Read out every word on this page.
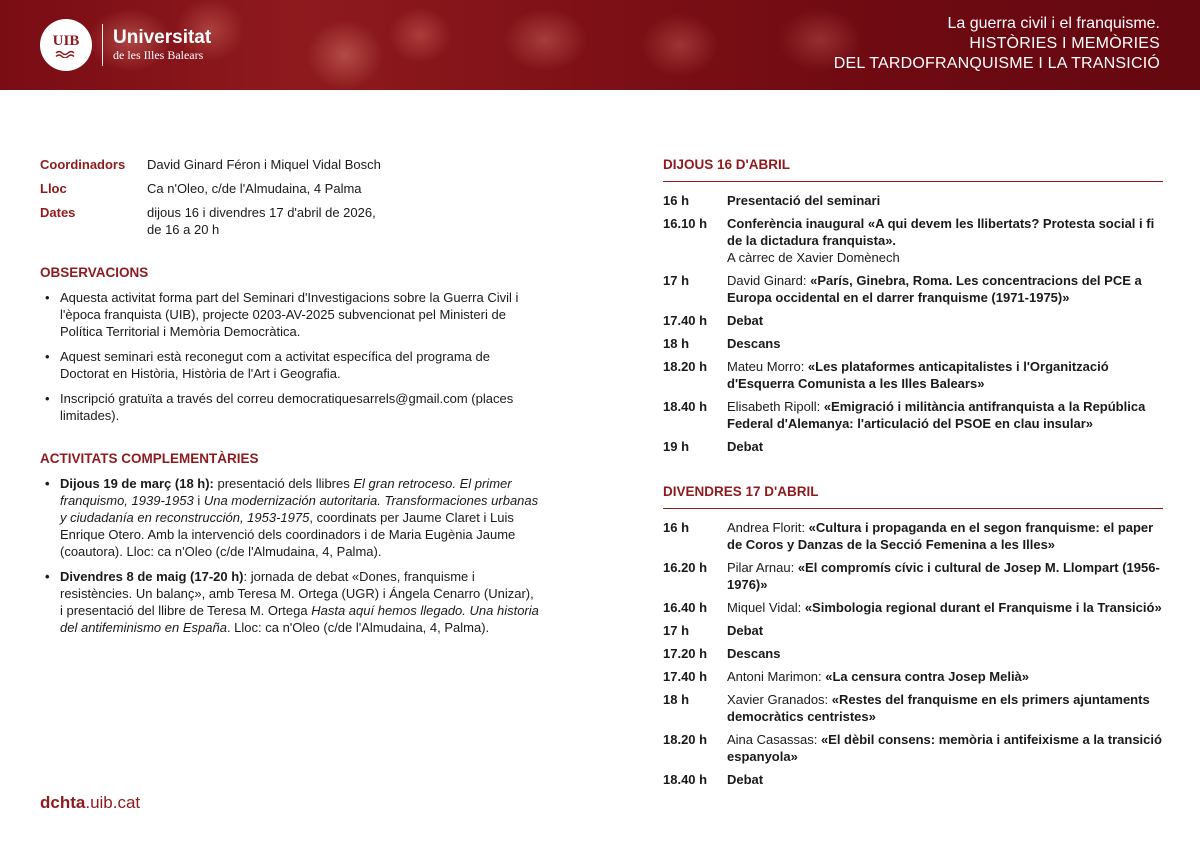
UIB Universitat
de les Illes Balears
La guerra civil i el franquisme.
HISTÒRIES I MEMÒRIES
DEL TARDOFRANQUISME I LA TRANSICIÓ
Coordinadors	David Ginard Féron i Miquel Vidal Bosch
Lloc	Ca n'Oleo, c/de l'Almudaina, 4 Palma
Dates	dijous 16 i divendres 17 d'abril de 2026,
de 16 a 20 h
OBSERVACIONS
• Aquesta activitat forma part del Seminari d'Investigacions sobre la Guerra Civil i l'època franquista (UIB), projecte 0203-AV-2025 subvencionat pel Ministeri de Política Territorial i Memòria Democràtica.
• Aquest seminari està reconegut com a activitat específica del programa de Doctorat en Història, Història de l'Art i Geografia.
• Inscripció gratuïta a través del correu democratiquesarrels@gmail.com (places limitades).
ACTIVITATS COMPLEMENTÀRIES
• Dijous 19 de març (18 h): presentació dels llibres El gran retroceso. El primer franquismo, 1939-1953 i Una modernización autoritaria. Transformaciones urbanas y ciudadanía en reconstrucción, 1953-1975, coordinats per Jaume Claret i Luis Enrique Otero. Amb la intervenció dels coordinadors i de Maria Eugènia Jaume (coautora). Lloc: ca n'Oleo (c/de l'Almudaina, 4, Palma).
• Divendres 8 de maig (17-20 h): jornada de debat «Dones, franquisme i resistències. Un balanç», amb Teresa M. Ortega (UGR) i Ángela Cenarro (Unizar), i presentació del llibre de Teresa M. Ortega Hasta aquí hemos llegado. Una historia del antifeminismo en España. Lloc: ca n'Oleo (c/de l'Almudaina, 4, Palma).
DIJOUS 16 D'ABRIL
16 h	Presentació del seminari
16.10 h	Conferència inaugural «A qui devem les llibertats? Protesta social i fi de la dictadura franquista».
A càrrec de Xavier Domènech
17 h	David Ginard: «París, Ginebra, Roma. Les concentracions del PCE a Europa occidental en el darrer franquisme (1971-1975)»
17.40 h	Debat
18 h	Descans
18.20 h	Mateu Morro: «Les plataformes anticapitalistes i l'Organització d'Esquerra Comunista a les Illes Balears»
18.40 h	Elisabeth Ripoll: «Emigració i militància antifranquista a la República Federal d'Alemanya: l'articulació del PSOE en clau insular»
19 h	Debat
DIVENDRES 17 D'ABRIL
16 h	Andrea Florit: «Cultura i propaganda en el segon franquisme: el paper de Coros y Danzas de la Secció Femenina a les Illes»
16.20 h	Pilar Arnau: «El compromís cívic i cultural de Josep M. Llompart (1956-1976)»
16.40 h	Miquel Vidal: «Simbologia regional durant el Franquisme i la Transició»
17 h	Debat
17.20 h	Descans
17.40 h	Antoni Marimon: «La censura contra Josep Melià»
18 h	Xavier Granados: «Restes del franquisme en els primers ajuntaments democràtics centristes»
18.20 h	Aina Casassas: «El dèbil consens: memòria i antifeixisme a la transició espanyola»
18.40 h	Debat
dchta.uib.cat
